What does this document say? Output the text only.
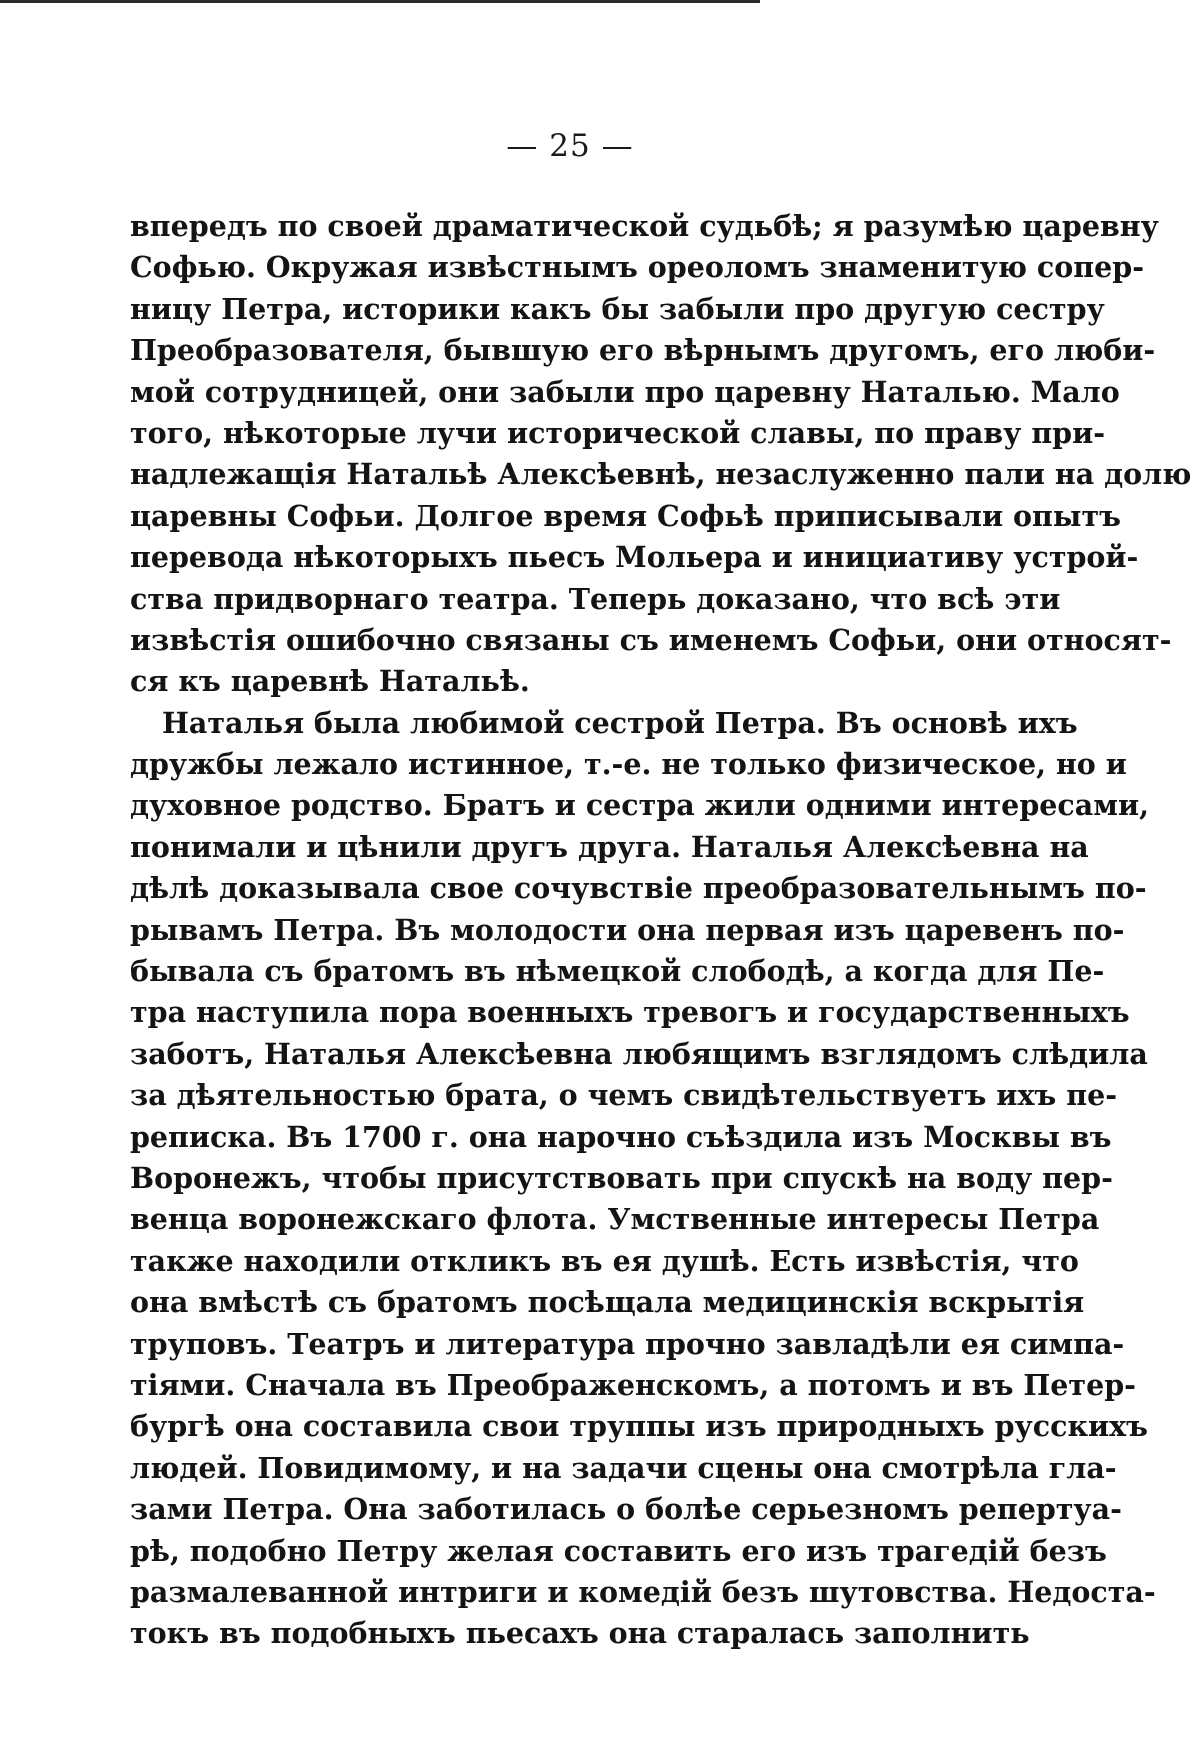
— 25 —
впередъ по своей драматической судьбѣ; я разумѣю царевну
Софью. Окружая извѣстнымъ ореоломъ знаменитую сопер-
ницу Петра, историки какъ бы забыли про другую сестру
Преобразователя, бывшую его вѣрнымъ другомъ, его люби-
мой сотрудницей, они забыли про царевну Наталью. Мало
того, нѣкоторые лучи исторической славы, по праву при-
надлежащія Натальѣ Алексѣевнѣ, незаслуженно пали на долю
царевны Софьи. Долгое время Софьѣ приписывали опытъ
перевода нѣкоторыхъ пьесъ Мольера и инициативу устрой-
ства придворнаго театра. Теперь доказано, что всѣ эти
извѣстія ошибочно связаны съ именемъ Софьи, они относят-
ся къ царевнѣ Натальѣ.
Наталья была любимой сестрой Петра. Въ основѣ ихъ
дружбы лежало истинное, т.-е. не только физическое, но и
духовное родство. Братъ и сестра жили одними интересами,
понимали и цѣнили другъ друга. Наталья Алексѣевна на
дѣлѣ доказывала свое сочувствіе преобразовательнымъ по-
рывамъ Петра. Въ молодости она первая изъ царевенъ по-
бывала съ братомъ въ нѣмецкой слободѣ, а когда для Пе-
тра наступила пора военныхъ тревогъ и государственныхъ
заботъ, Наталья Алексѣевна любящимъ взглядомъ слѣдила
за дѣятельностью брата, о чемъ свидѣтельствуетъ ихъ пе-
реписка. Въ 1700 г. она нарочно съѣздила изъ Москвы въ
Воронежъ, чтобы присутствовать при спускѣ на воду пер-
венца воронежскаго флота. Умственные интересы Петра
также находили откликъ въ ея душѣ. Есть извѣстія, что
она вмѣстѣ съ братомъ посѣщала медицинскія вскрытія
труповъ. Театръ и литература прочно завладѣли ея симпа-
тіями. Сначала въ Преображенскомъ, а потомъ и въ Петер-
бургѣ она составила свои труппы изъ природныхъ русскихъ
людей. Повидимому, и на задачи сцены она смотрѣла гла-
зами Петра. Она заботилась о болѣе серьезномъ репертуа-
рѣ, подобно Петру желая составить его изъ трагедій безъ
размалеванной интриги и комедій безъ шутовства. Недоста-
токъ въ подобныхъ пьесахъ она старалась заполнить
